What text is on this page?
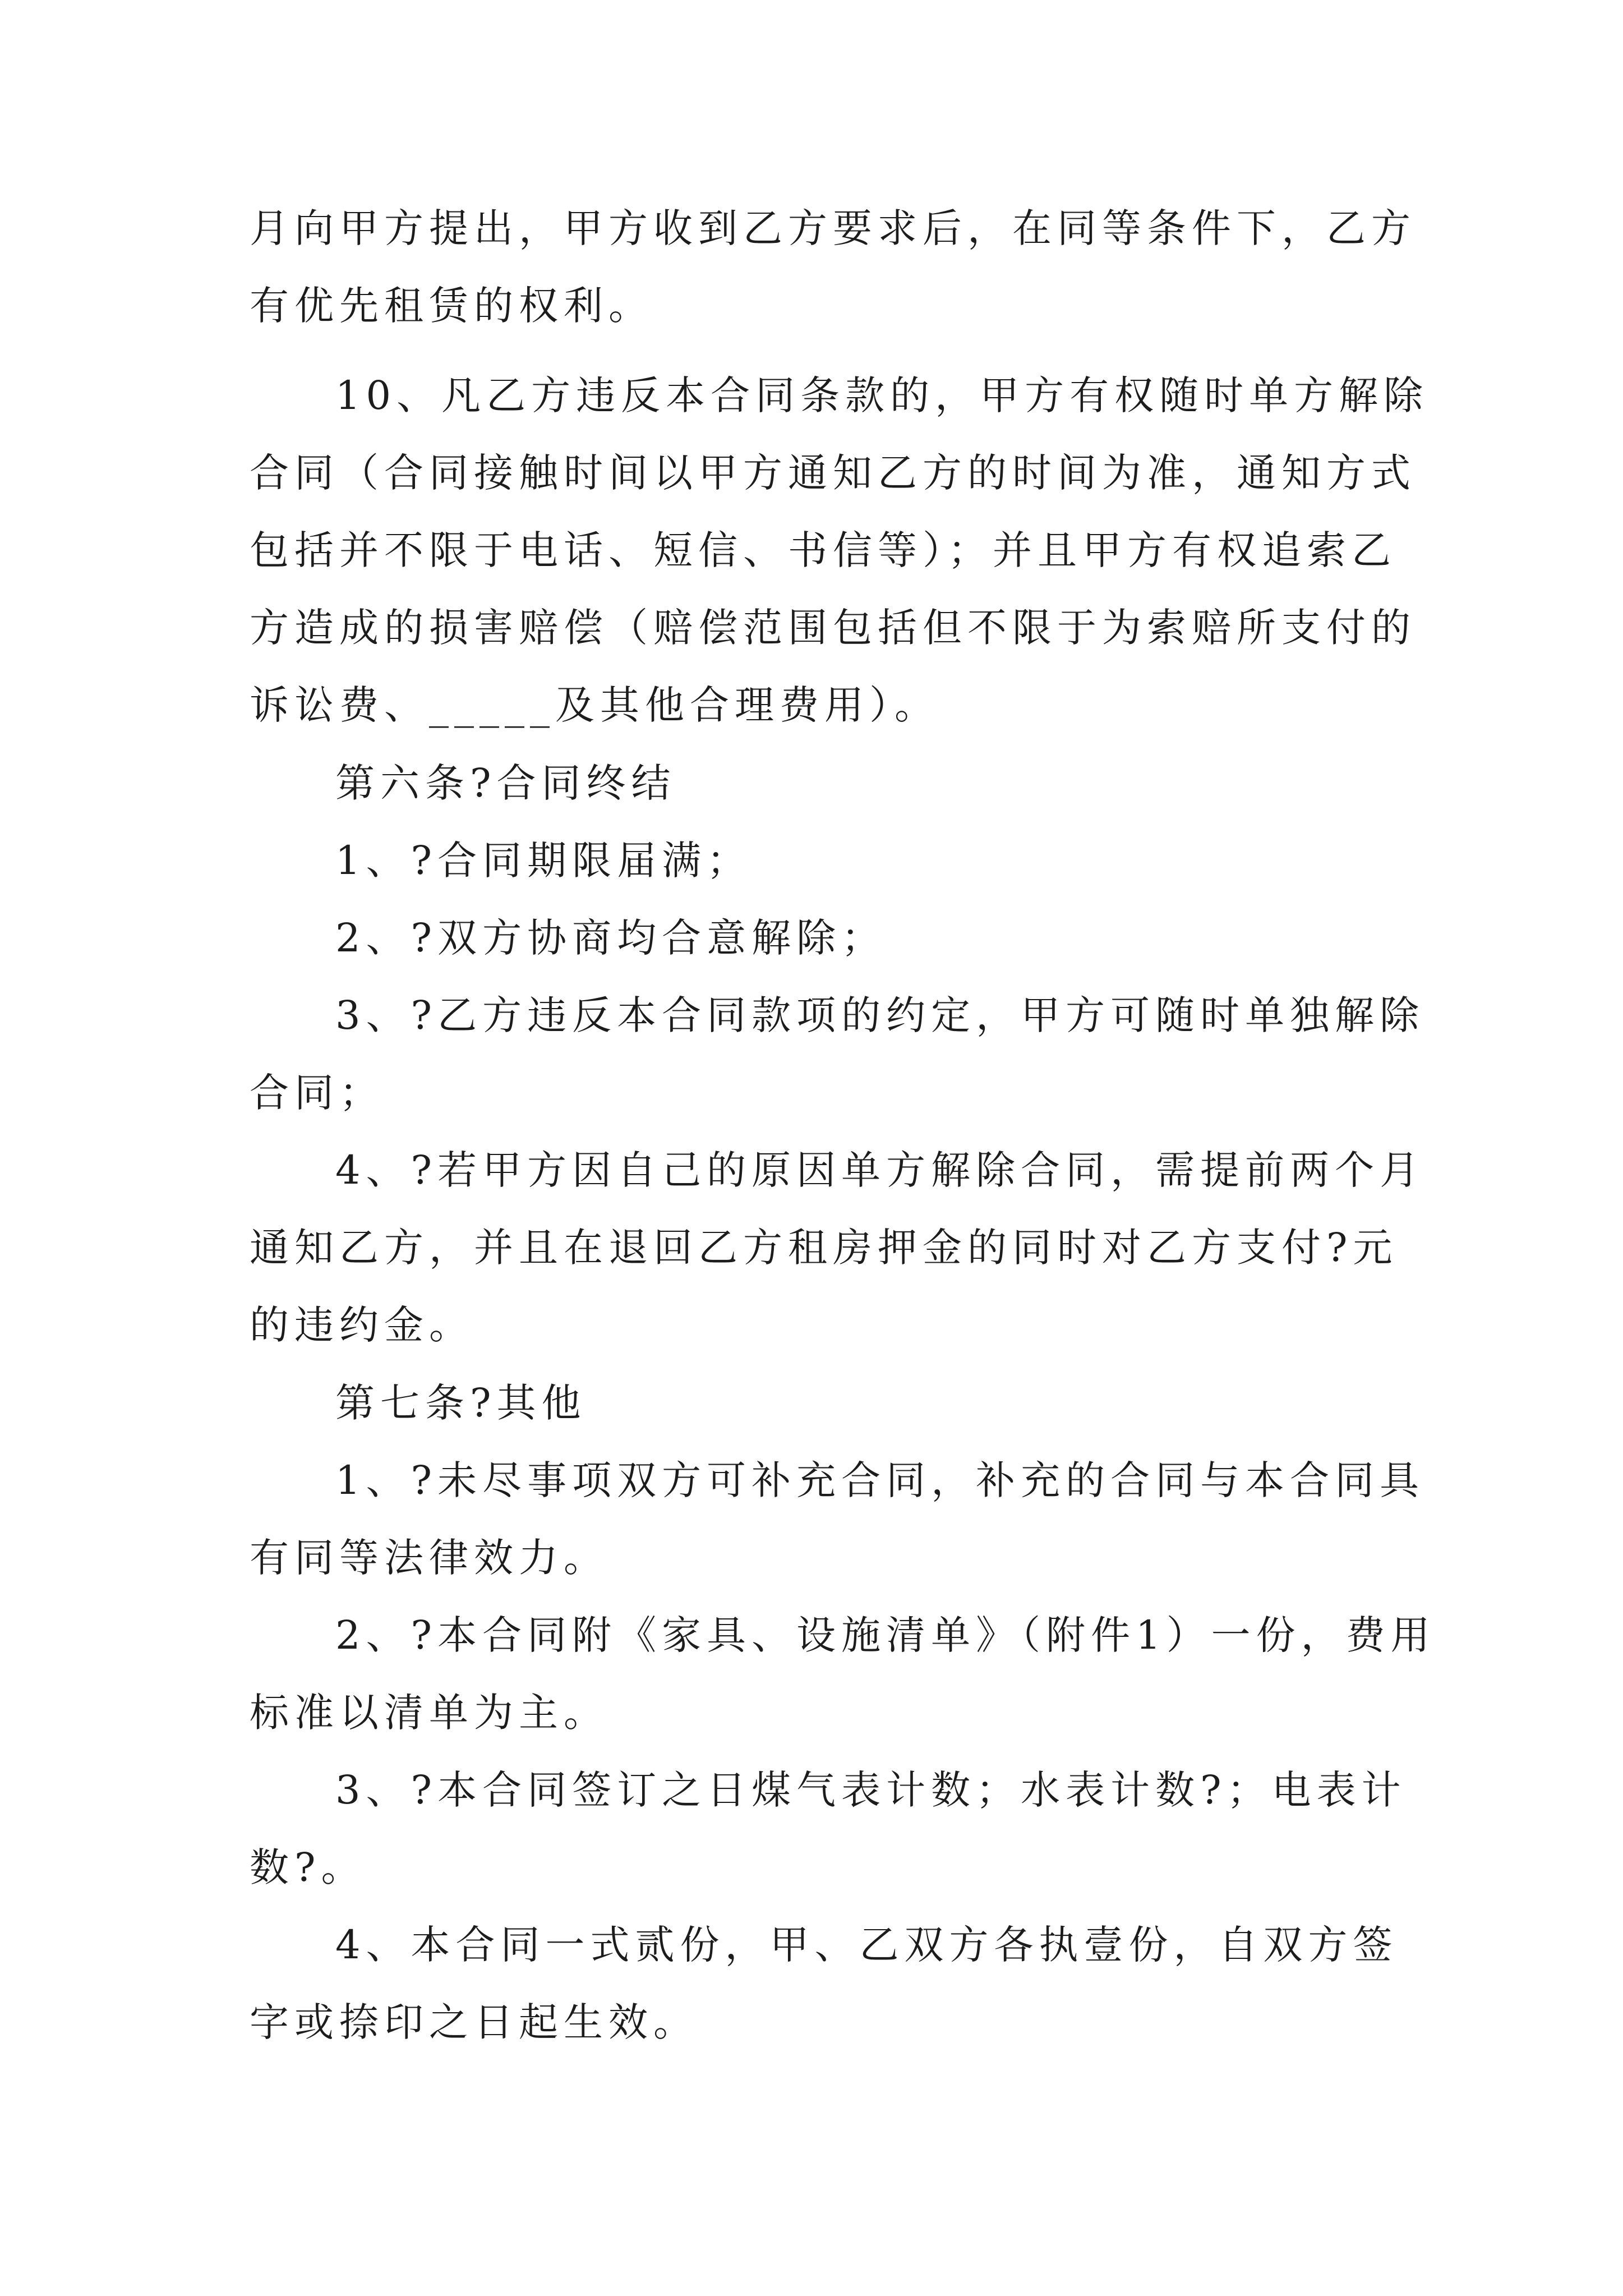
月向甲方提出，甲方收到乙方要求后，在同等条件下，乙方
有优先租赁的权利。
10、凡乙方违反本合同条款的，甲方有权随时单方解除
合同（合同接触时间以甲方通知乙方的时间为准，通知方式
包括并不限于电话、短信、书信等）；并且甲方有权追索乙
方造成的损害赔偿（赔偿范围包括但不限于为索赔所支付的
诉讼费、_____及其他合理费用）。
第六条?合同终结
1、?合同期限届满；
2、?双方协商均合意解除；
3、?乙方违反本合同款项的约定，甲方可随时单独解除
合同；
4、?若甲方因自己的原因单方解除合同，需提前两个月
通知乙方，并且在退回乙方租房押金的同时对乙方支付?元
的违约金。
第七条?其他
1、?未尽事项双方可补充合同，补充的合同与本合同具
有同等法律效力。
2、?本合同附《家具、设施清单》（附件1）一份，费用
标准以清单为主。
3、?本合同签订之日煤气表计数；水表计数?；电表计
数?。
4、本合同一式贰份，甲、乙双方各执壹份，自双方签
字或捺印之日起生效。
